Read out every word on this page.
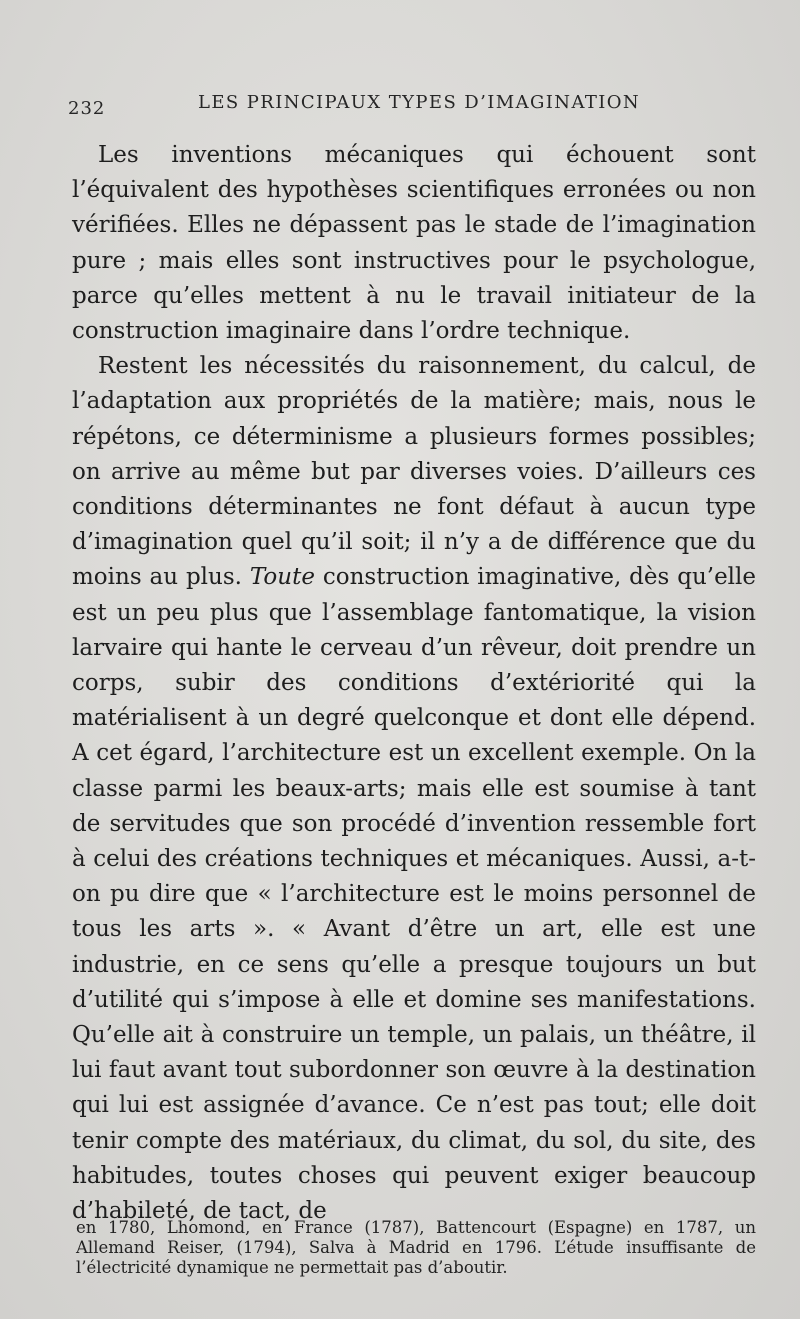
232	LES PRINCIPAUX TYPES D’IMAGINATION

Les inventions mécaniques qui échouent sont l’équivalent des hypothèses scientifiques erronées ou non vérifiées. Elles ne dépassent pas le stade de l’imagination pure ; mais elles sont instructives pour le psychologue, parce qu’elles mettent à nu le travail initiateur de la construction imaginaire dans l’ordre technique.

Restent les nécessités du raisonnement, du calcul, de l’adaptation aux propriétés de la matière; mais, nous le répétons, ce déterminisme a plusieurs formes possibles; on arrive au même but par diverses voies. D’ailleurs ces conditions déterminantes ne font défaut à aucun type d’imagination quel qu’il soit; il n’y a de différence que du moins au plus. Toute construction imaginative, dès qu’elle est un peu plus que l’assemblage fantomatique, la vision larvaire qui hante le cerveau d’un rêveur, doit prendre un corps, subir des conditions d’extériorité qui la matérialisent à un degré quelconque et dont elle dépend. A cet égard, l’architecture est un excellent exemple. On la classe parmi les beaux-arts; mais elle est soumise à tant de servitudes que son procédé d’invention ressemble fort à celui des créations techniques et mécaniques. Aussi, a-t-on pu dire que « l’architecture est le moins personnel de tous les arts ». « Avant d’être un art, elle est une industrie, en ce sens qu’elle a presque toujours un but d’utilité qui s’impose à elle et domine ses manifestations. Qu’elle ait à construire un temple, un palais, un théâtre, il lui faut avant tout subordonner son œuvre à la destination qui lui est assignée d’avance. Ce n’est pas tout; elle doit tenir compte des matériaux, du climat, du sol, du site, des habitudes, toutes choses qui peuvent exiger beaucoup d’habileté, de tact, de

en 1780, Lhomond, en France (1787), Battencourt (Espagne) en 1787, un Allemand Reiser, (1794), Salva à Madrid en 1796. L’étude insuffisante de l’électricité dynamique ne permettait pas d’aboutir.
